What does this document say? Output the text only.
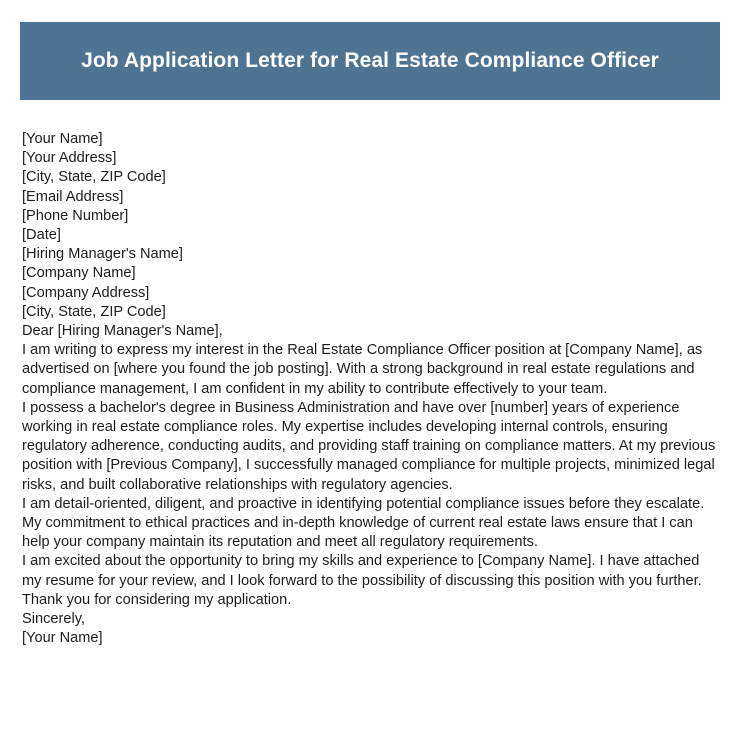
Job Application Letter for Real Estate Compliance Officer

[Your Name]

[Your Address]

[City, State, ZIP Code]

[Email Address]

[Phone Number]

[Date]

[Hiring Manager's Name]

[Company Name]

[Company Address]

[City, State, ZIP Code]

Dear [Hiring Manager's Name],

I am writing to express my interest in the Real Estate Compliance Officer position at [Company Name], as advertised on [where you found the job posting]. With a strong background in real estate regulations and compliance management, I am confident in my ability to contribute effectively to your team.

I possess a bachelor's degree in Business Administration and have over [number] years of experience working in real estate compliance roles. My expertise includes developing internal controls, ensuring regulatory adherence, conducting audits, and providing staff training on compliance matters. At my previous position with [Previous Company], I successfully managed compliance for multiple projects, minimized legal risks, and built collaborative relationships with regulatory agencies.

I am detail-oriented, diligent, and proactive in identifying potential compliance issues before they escalate. My commitment to ethical practices and in-depth knowledge of current real estate laws ensure that I can help your company maintain its reputation and meet all regulatory requirements.

I am excited about the opportunity to bring my skills and experience to [Company Name]. I have attached my resume for your review, and I look forward to the possibility of discussing this position with you further.

Thank you for considering my application.

Sincerely,

[Your Name]
